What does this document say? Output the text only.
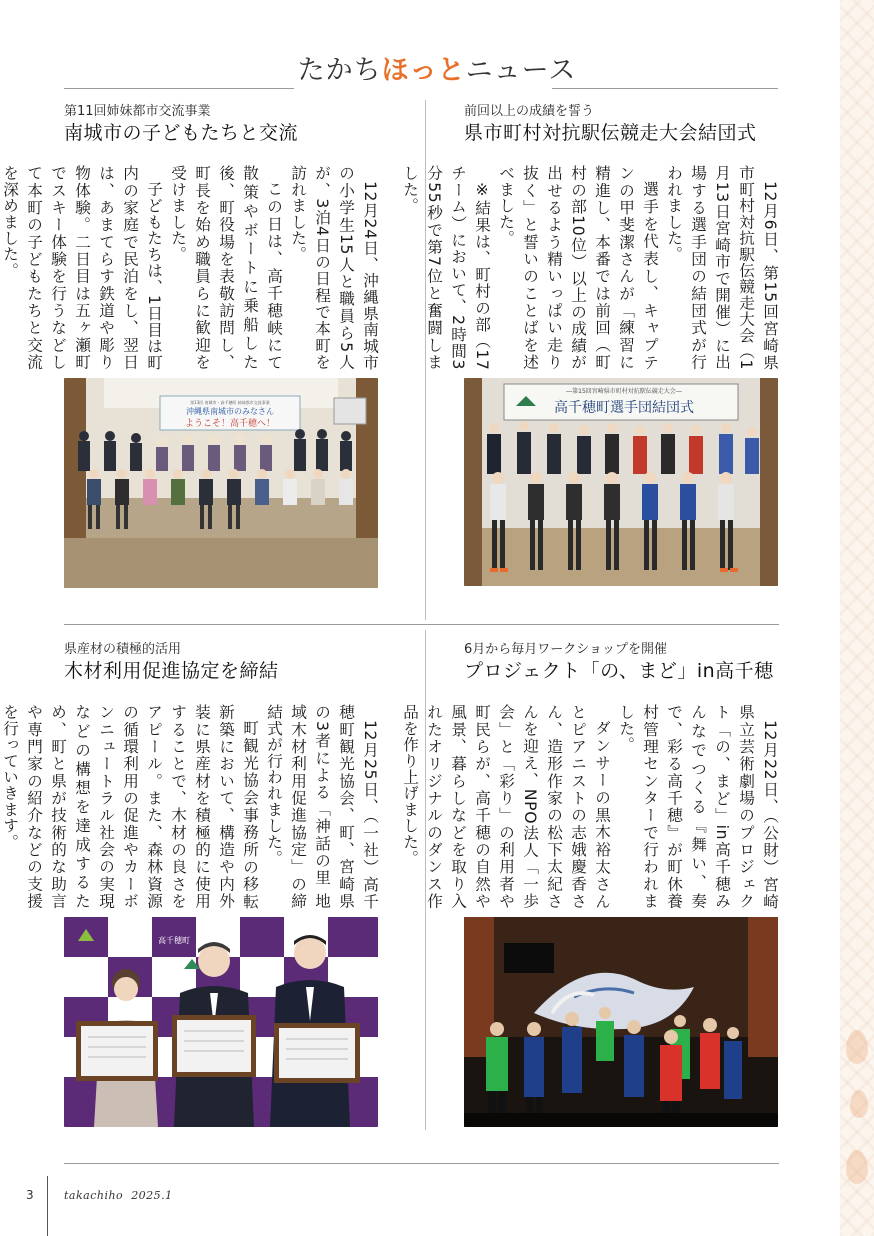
たかちほっとニュース
第11回姉妹都市交流事業
南城市の子どもたちと交流

12月24日、沖縄県南城市の小学生15人と職員ら5人が、3泊4日の日程で本町を訪れました。

この日は、高千穂峡にて散策やボートに乗船した後、町役場を表敬訪問し、町長を始め職員らに歓迎を受けました。

子どもたちは、1日目は町内の家庭で民泊をし、翌日は、あまてらす鉄道や彫り物体験。二日目は五ヶ瀬町でスキー体験を行うなどして本町の子どもたちと交流を深めました。

第13回 南城市・高千穂町 姉妹都市交流事業
沖縄県南城市のみなさん
ようこそ！高千穂へ！
前回以上の成績を誓う
県市町村対抗駅伝競走大会結団式

12月6日、第15回宮崎県市町村対抗駅伝競走大会（1月13日宮崎市で開催）に出場する選手団の結団式が行われました。

選手を代表し、キャプテンの甲斐潔さんが「練習に精進し、本番では前回（町村の部10位）以上の成績が出せるよう精いっぱい走り抜く」と誓いのことばを述べました。

※結果は、町村の部（17チーム）において、2時間3分55秒で第7位と奮闘しました。

―第15回宮崎県市町村対抗駅伝競走大会―
高千穂町選手団結団式
県産材の積極的活用
木材利用促進協定を締結

12月25日、（一社）高千穂町観光協会、町、宮崎県の3者による「神話の里 地域木材利用促進協定」の締結式が行われました。

町観光協会事務所の移転新築において、構造や内外装に県産材を積極的に使用することで、木材の良さをアピール。また、森林資源の循環利用の促進やカーボンニュートラル社会の実現などの構想を達成するため、町と県が技術的な助言や専門家の紹介などの支援を行っていきます。

高千穂町
6月から毎月ワークショップを開催
プロジェクト「の、まど」in高千穂

12月22日、（公財）宮崎県立芸術劇場のプロジェクト「の、まど」in高千穂みんなでつくる『舞い、奏で、彩る高千穂』が町休養村管理センターで行われました。

ダンサーの黒木裕太さんとピアニストの志娥慶香さん、造形作家の松下太紀さんを迎え、NPO法人「一歩会」と「彩り」の利用者や町民らが、高千穂の自然や風景、暮らしなどを取り入れたオリジナルのダンス作品を作り上げました。

3	takachiho 2025.1
